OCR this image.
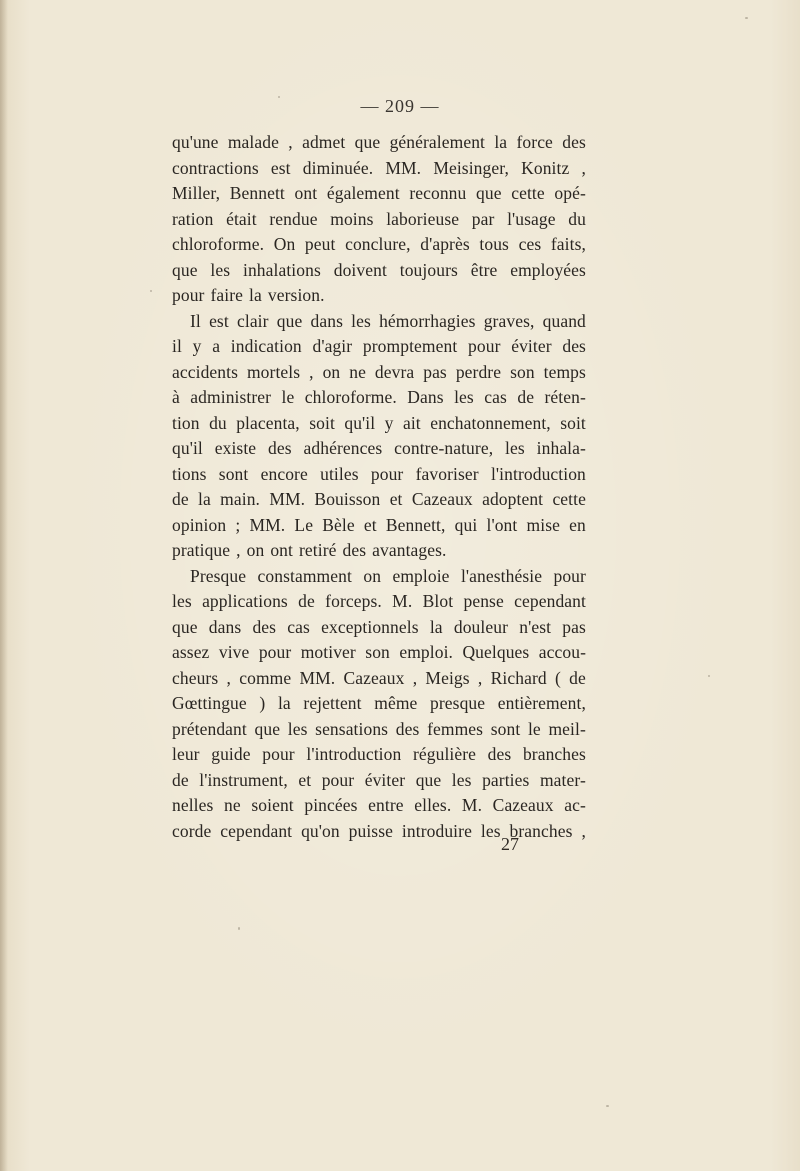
— 209 —
qu'une malade , admet que généralement la force des
contractions est diminuée. MM. Meisinger, Konitz ,
Miller, Bennett ont également reconnu que cette opé-
ration était rendue moins laborieuse par l'usage du
chloroforme. On peut conclure, d'après tous ces faits,
que les inhalations doivent toujours être employées
pour faire la version.
Il est clair que dans les hémorrhagies graves, quand
il y a indication d'agir promptement pour éviter des
accidents mortels , on ne devra pas perdre son temps
à administrer le chloroforme. Dans les cas de réten-
tion du placenta, soit qu'il y ait enchatonnement, soit
qu'il existe des adhérences contre-nature, les inhala-
tions sont encore utiles pour favoriser l'introduction
de la main. MM. Bouisson et Cazeaux adoptent cette
opinion ; MM. Le Bèle et Bennett, qui l'ont mise en
pratique , on ont retiré des avantages.
Presque constamment on emploie l'anesthésie pour
les applications de forceps. M. Blot pense cependant
que dans des cas exceptionnels la douleur n'est pas
assez vive pour motiver son emploi. Quelques accou-
cheurs , comme MM. Cazeaux , Meigs , Richard ( de
Gœttingue ) la rejettent même presque entièrement,
prétendant que les sensations des femmes sont le meil-
leur guide pour l'introduction régulière des branches
de l'instrument, et pour éviter que les parties mater-
nelles ne soient pincées entre elles. M. Cazeaux ac-
corde cependant qu'on puisse introduire les branches ,
27
